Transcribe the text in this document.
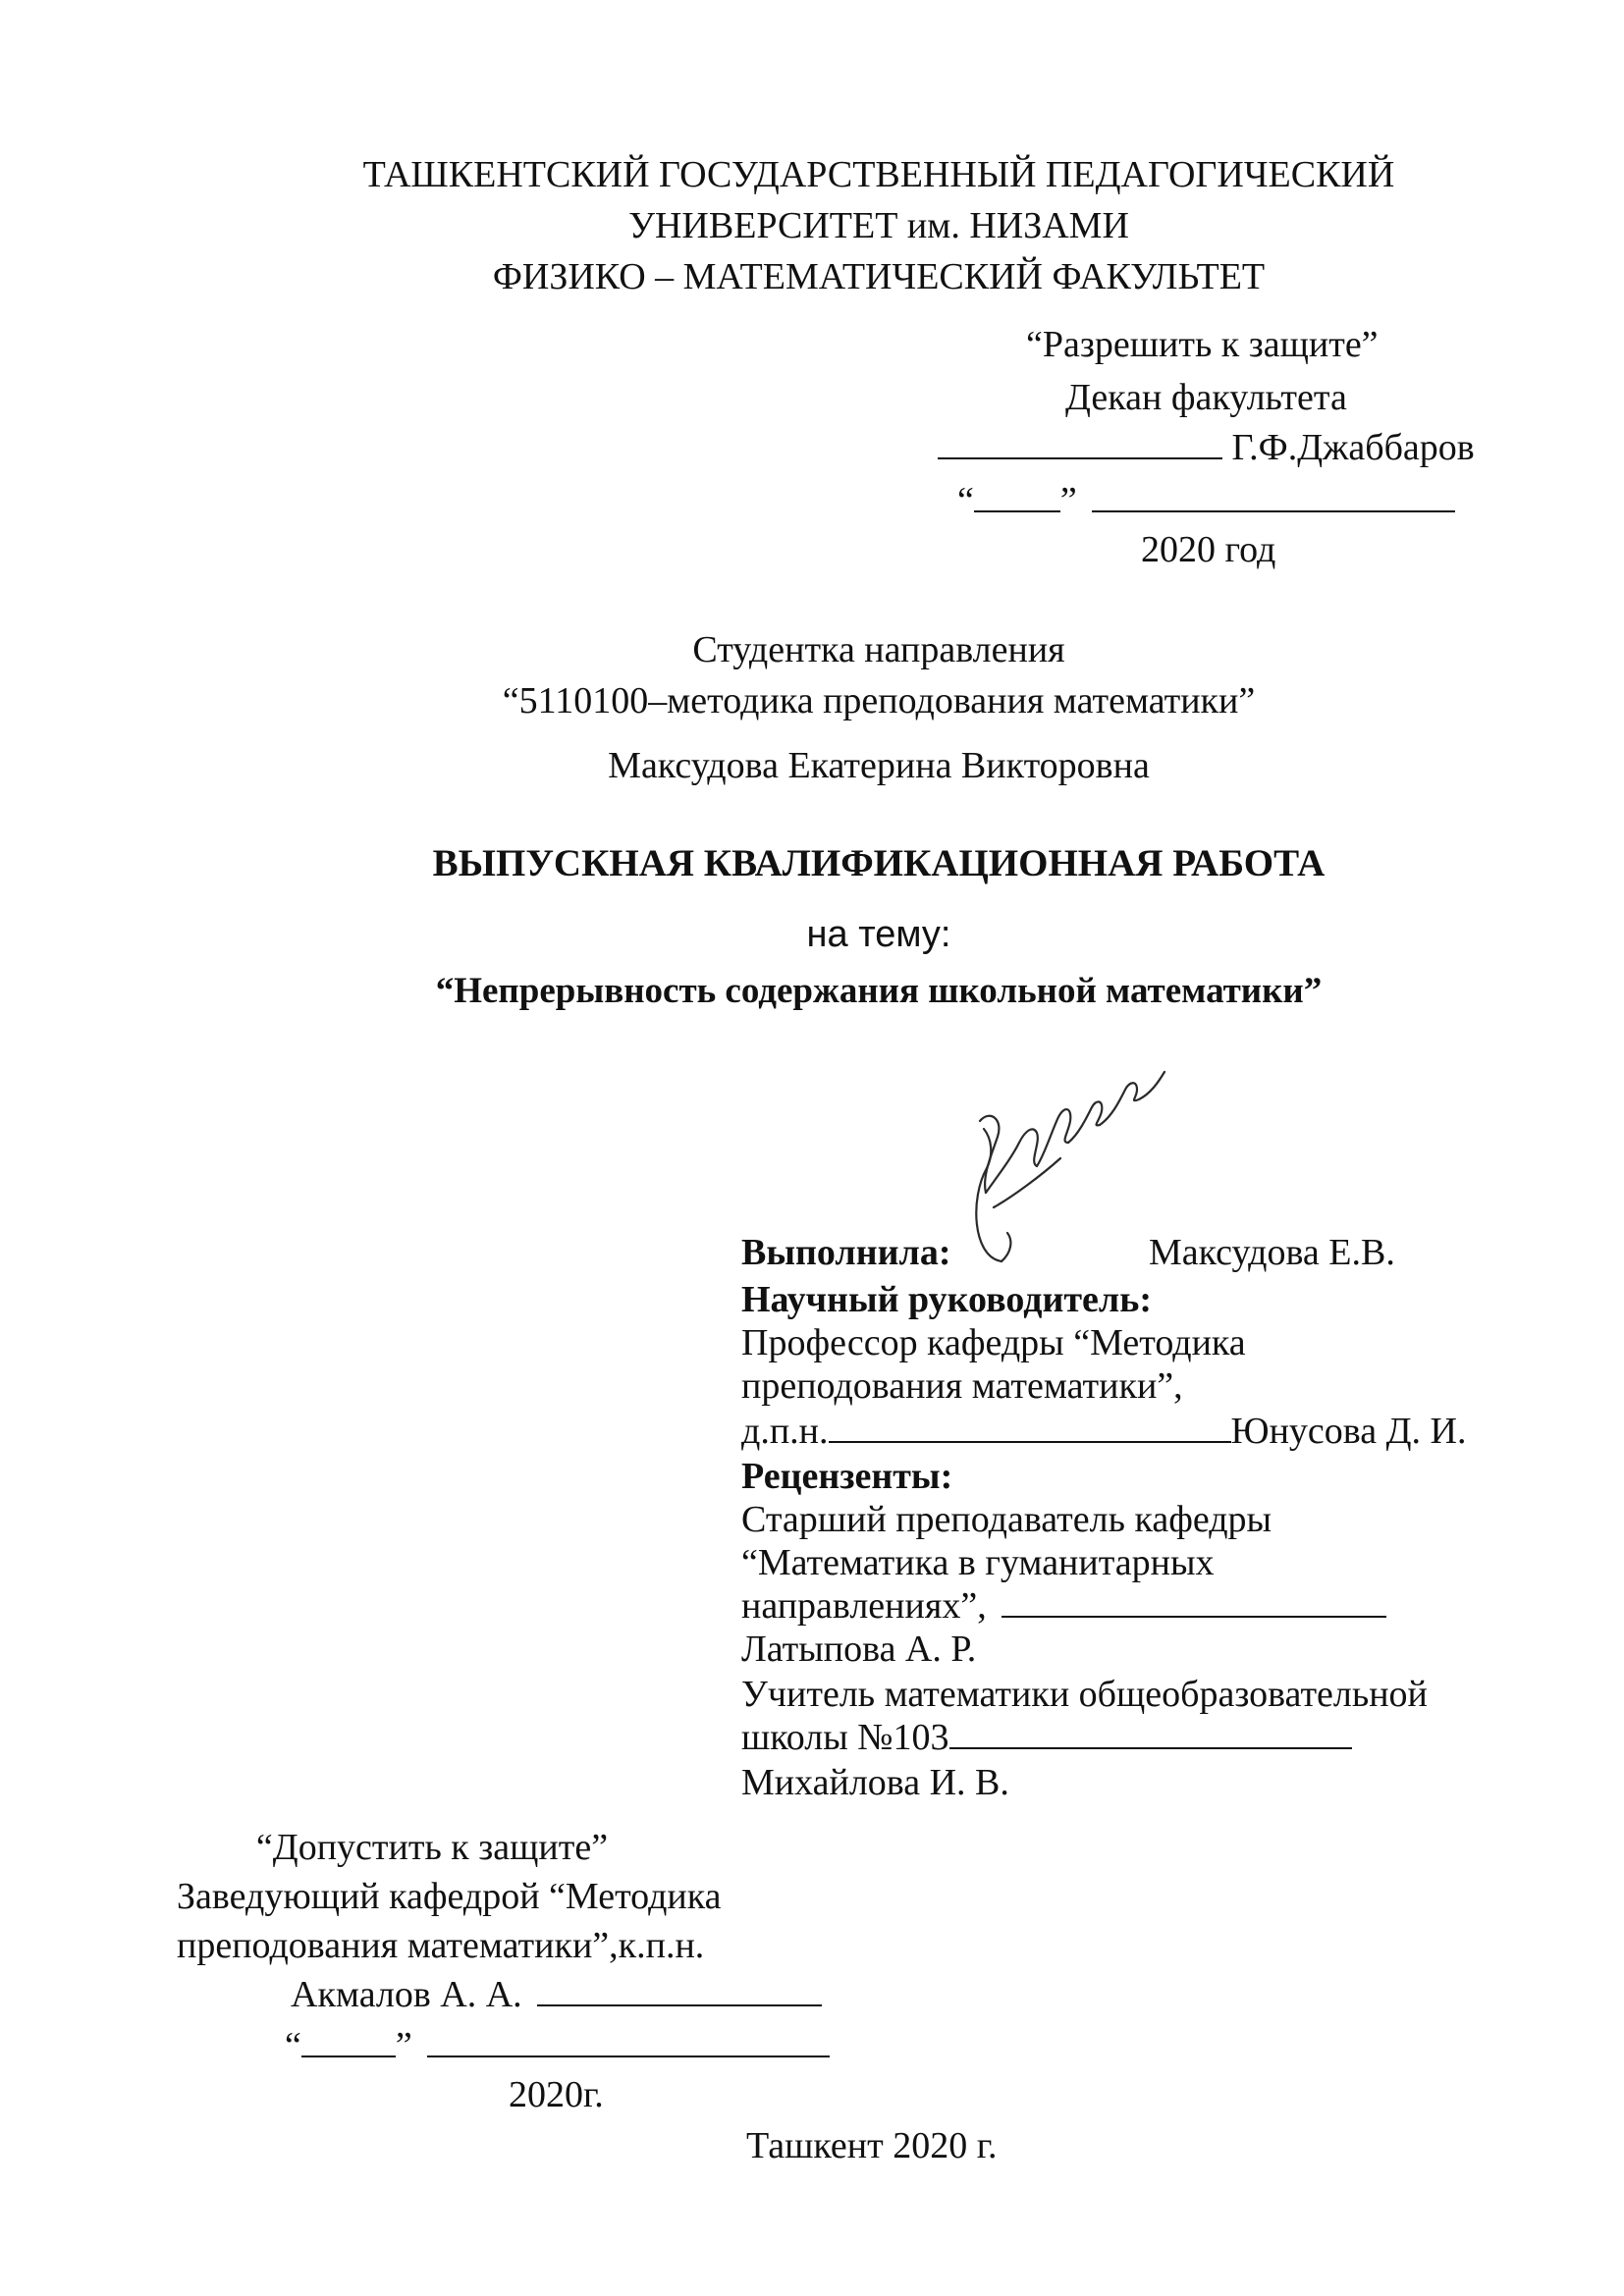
ТАШКЕНТСКИЙ ГОСУДАРСТВЕННЫЙ ПЕДАГОГИЧЕСКИЙ
УНИВЕРСИТЕТ им. НИЗАМИ
ФИЗИКО – МАТЕМАТИЧЕСКИЙ ФАКУЛЬТЕТ
“Разрешить к защите”
Декан факультета
Г.Ф.Джаббаров
“ ”
2020 год
Студентка направления
“5110100–методика преподования математики”
Максудова Екатерина Викторовна
ВЫПУСКНАЯ КВАЛИФИКАЦИОННАЯ РАБОТА
на тему:
“Непрерывность содержания школьной математики”
Выполнила:	Максудова Е.В.
Научный руководитель:
Профессор кафедры “Методика
преподования математики”,
д.п.н.	Юнусова Д. И.
Рецензенты:
Старший преподаватель кафедры
“Математика в гуманитарных
направлениях”,
Латыпова А. Р.
Учитель математики общеобразовательной
школы №103
Михайлова И. В.
“Допустить к защите”
Заведующий кафедрой “Методика
преподования математики”,к.п.н.
Акмалов А. А.
“	”
2020г.
Ташкент 2020 г.
